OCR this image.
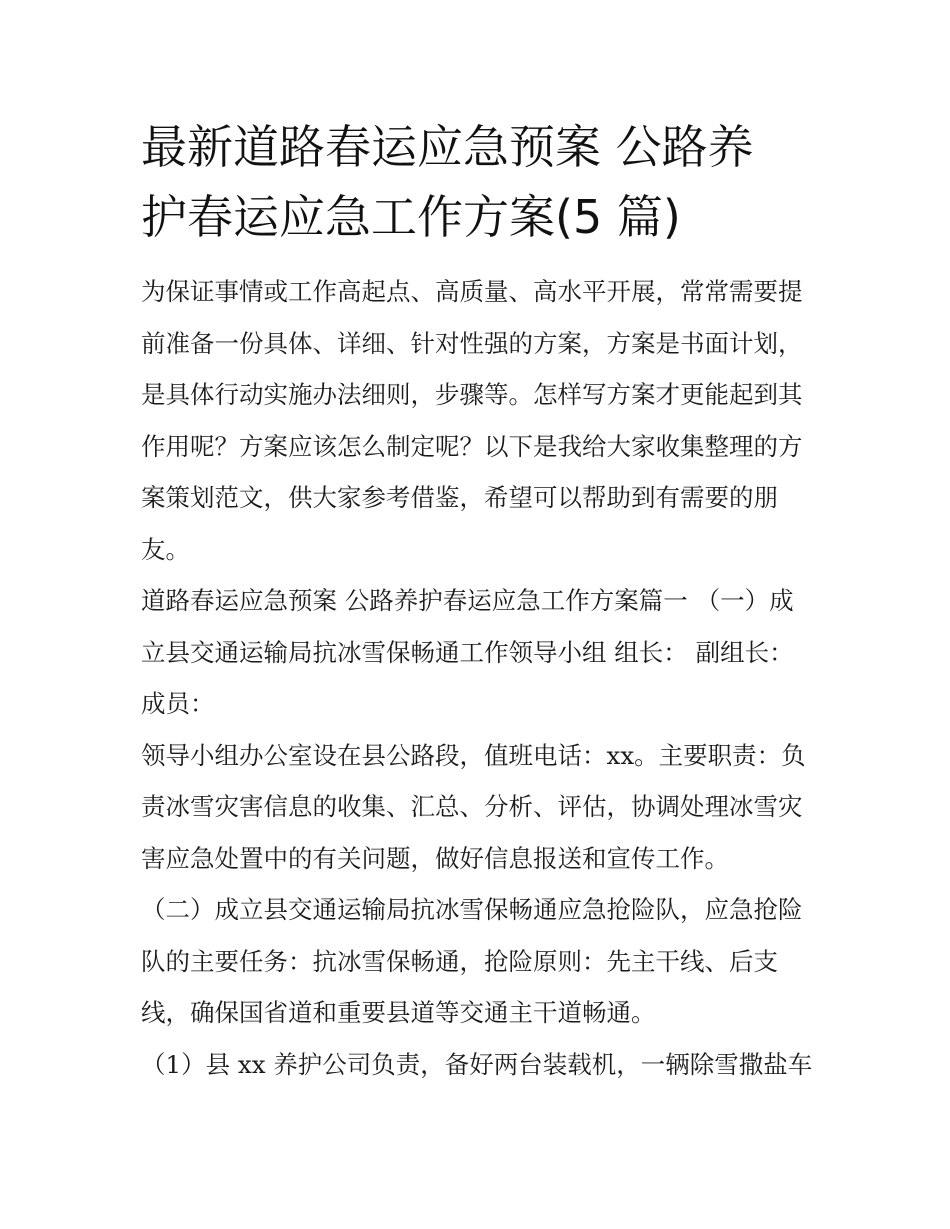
最新道路春运应急预案 公路养
护春运应急工作方案(5 篇)

为保证事情或工作高起点、高质量、高水平开展，常常需要提
前准备一份具体、详细、针对性强的方案，方案是书面计划，
是具体行动实施办法细则，步骤等。怎样写方案才更能起到其
作用呢？方案应该怎么制定呢？以下是我给大家收集整理的方
案策划范文，供大家参考借鉴，希望可以帮助到有需要的朋
友。

道路春运应急预案 公路养护春运应急工作方案篇一 （一）成
立县交通运输局抗冰雪保畅通工作领导小组 组长： 副组长：
成员：

领导小组办公室设在县公路段，值班电话：xx。主要职责：负
责冰雪灾害信息的收集、汇总、分析、评估，协调处理冰雪灾
害应急处置中的有关问题，做好信息报送和宣传工作。

（二）成立县交通运输局抗冰雪保畅通应急抢险队，应急抢险
队的主要任务：抗冰雪保畅通，抢险原则：先主干线、后支
线，确保国省道和重要县道等交通主干道畅通。

（1）县 xx 养护公司负责，备好两台装载机，一辆除雪撒盐车
